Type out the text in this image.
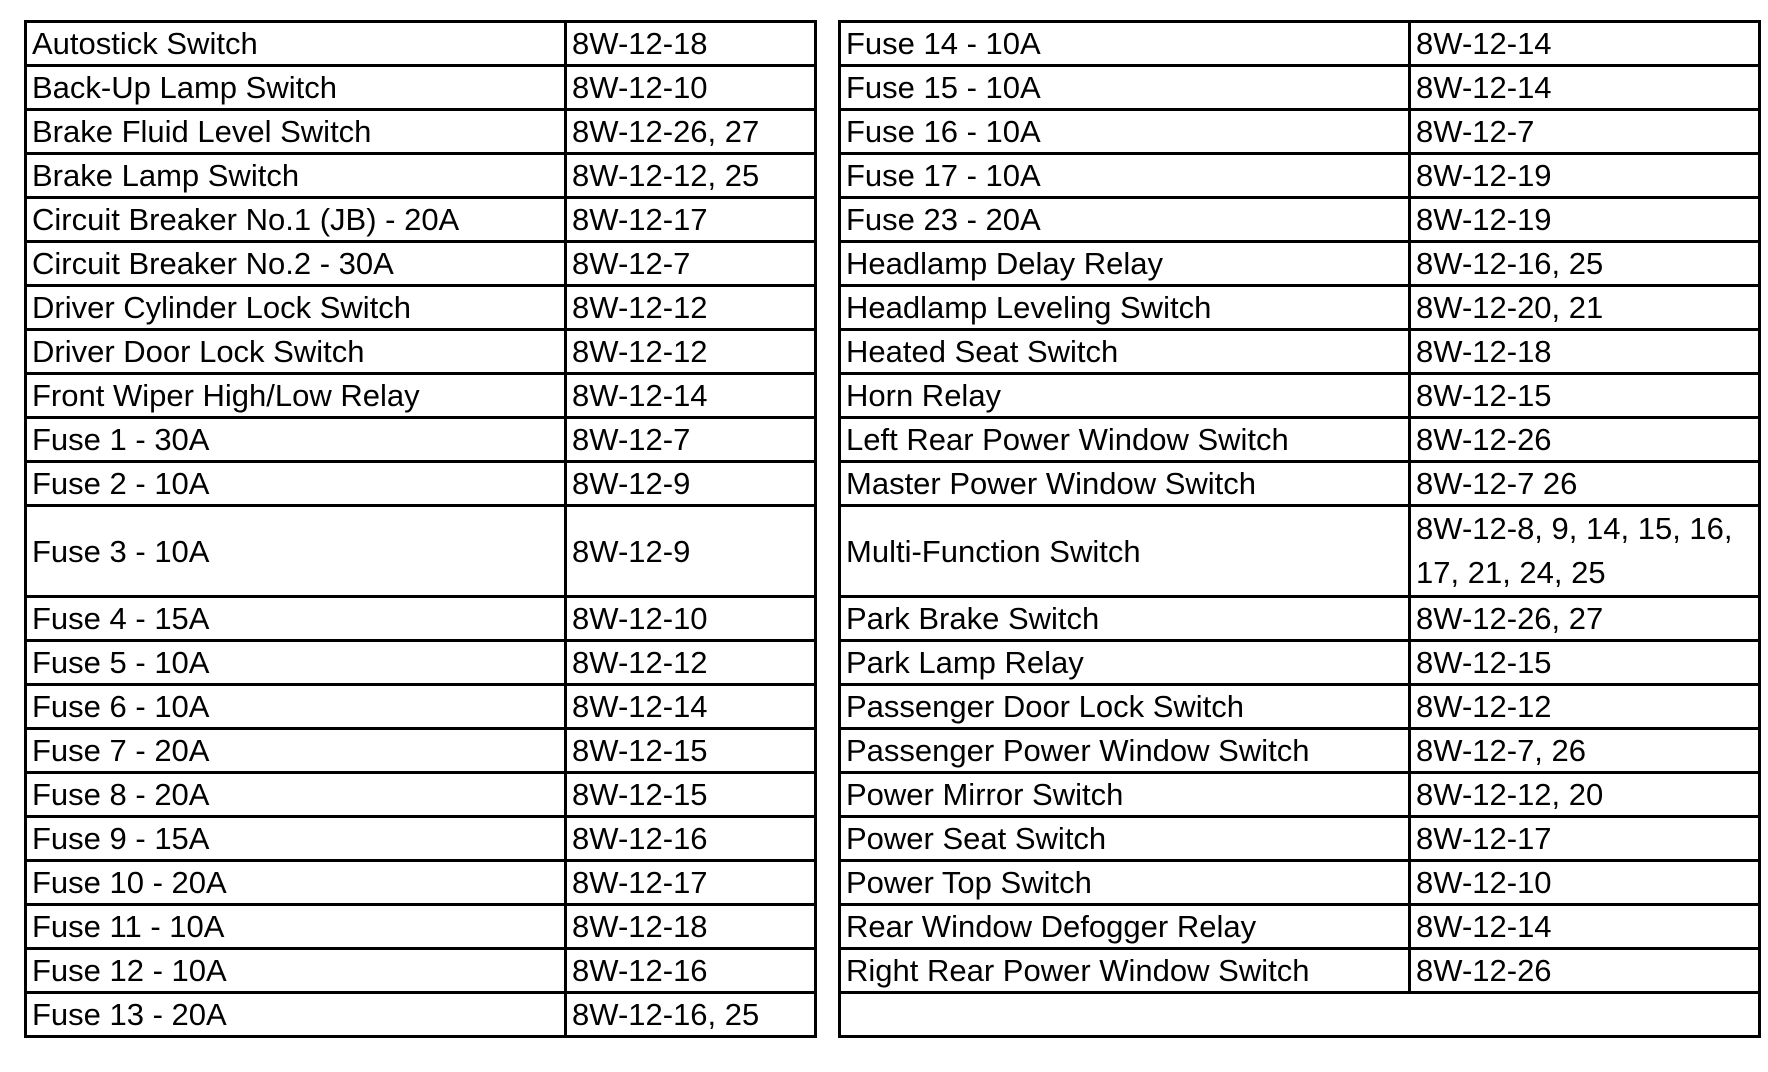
Autostick Switch	8W-12-18
Back-Up Lamp Switch	8W-12-10
Brake Fluid Level Switch	8W-12-26, 27
Brake Lamp Switch	8W-12-12, 25
Circuit Breaker No.1 (JB) - 20A	8W-12-17
Circuit Breaker No.2 - 30A	8W-12-7
Driver Cylinder Lock Switch	8W-12-12
Driver Door Lock Switch	8W-12-12
Front Wiper High/Low Relay	8W-12-14
Fuse 1 - 30A	8W-12-7
Fuse 2 - 10A	8W-12-9
Fuse 3 - 10A	8W-12-9
Fuse 4 - 15A	8W-12-10
Fuse 5 - 10A	8W-12-12
Fuse 6 - 10A	8W-12-14
Fuse 7 - 20A	8W-12-15
Fuse 8 - 20A	8W-12-15
Fuse 9 - 15A	8W-12-16
Fuse 10 - 20A	8W-12-17
Fuse 11 - 10A	8W-12-18
Fuse 12 - 10A	8W-12-16
Fuse 13 - 20A	8W-12-16, 25
Fuse 14 - 10A	8W-12-14
Fuse 15 - 10A	8W-12-14
Fuse 16 - 10A	8W-12-7
Fuse 17 - 10A	8W-12-19
Fuse 23 - 20A	8W-12-19
Headlamp Delay Relay	8W-12-16, 25
Headlamp Leveling Switch	8W-12-20, 21
Heated Seat Switch	8W-12-18
Horn Relay	8W-12-15
Left Rear Power Window Switch	8W-12-26
Master Power Window Switch	8W-12-7 26
Multi-Function Switch	8W-12-8, 9, 14, 15, 16, 17, 21, 24, 25
Park Brake Switch	8W-12-26, 27
Park Lamp Relay	8W-12-15
Passenger Door Lock Switch	8W-12-12
Passenger Power Window Switch	8W-12-7, 26
Power Mirror Switch	8W-12-12, 20
Power Seat Switch	8W-12-17
Power Top Switch	8W-12-10
Rear Window Defogger Relay	8W-12-14
Right Rear Power Window Switch	8W-12-26
